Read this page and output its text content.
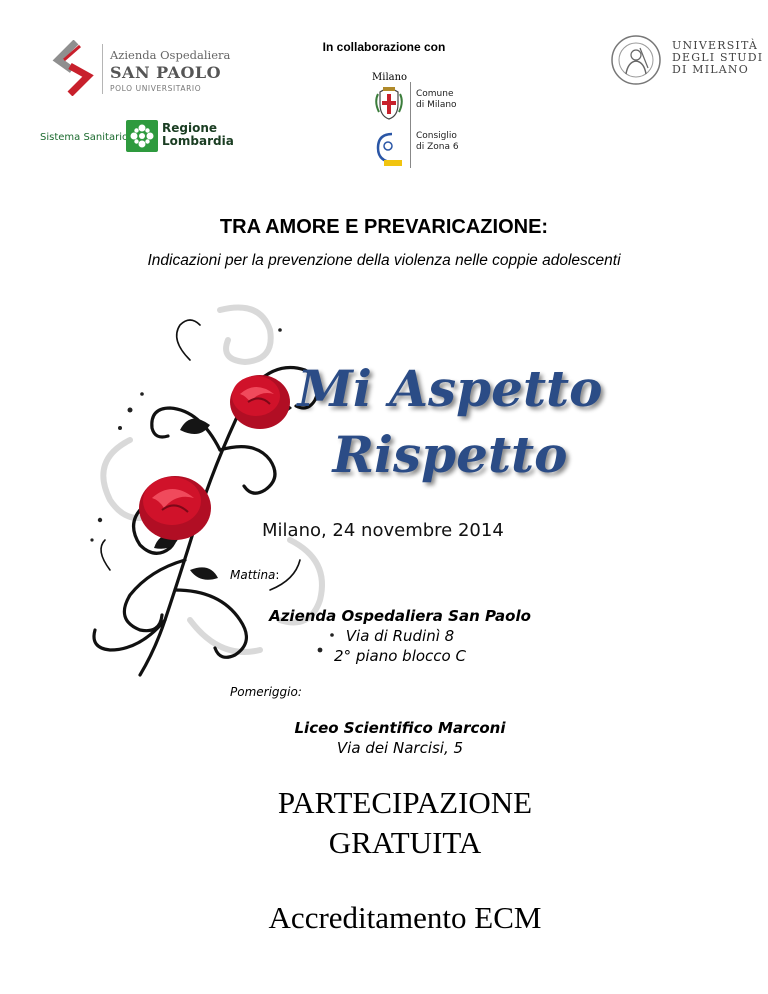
Azienda Ospedaliera
SAN PAOLO
POLO UNIVERSITARIO
Sistema Sanitario
Regione
Lombardia
In collaborazione con
Milano
Comune
di Milano
Consiglio
di Zona 6
UNIVERSITÀ
DEGLI STUDI
DI MILANO
TRA AMORE E PREVARICAZIONE:
Indicazioni per la prevenzione della violenza nelle coppie adolescenti
Mi Aspetto
Rispetto
Milano, 24 novembre 2014
Mattina:
Azienda Ospedaliera San Paolo
Via di Rudinì 8
2° piano blocco C
Pomeriggio:
Liceo Scientifico Marconi
Via dei Narcisi, 5
PARTECIPAZIONE
GRATUITA
Accreditamento ECM
